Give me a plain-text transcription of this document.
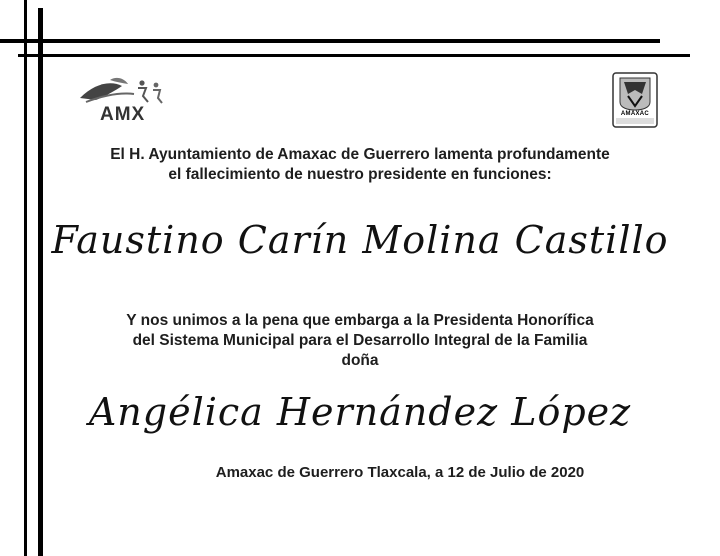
AMX	AMAXAC
El H. Ayuntamiento de Amaxac de Guerrero lamenta profundamente
el fallecimiento de nuestro presidente en funciones:
Faustino Carín Molina Castillo
Y nos unimos a la pena que embarga a la Presidenta Honorífica
del Sistema Municipal para el Desarrollo Integral de la Familia
doña
Angélica Hernández López
Amaxac de Guerrero Tlaxcala, a 12 de Julio de 2020
